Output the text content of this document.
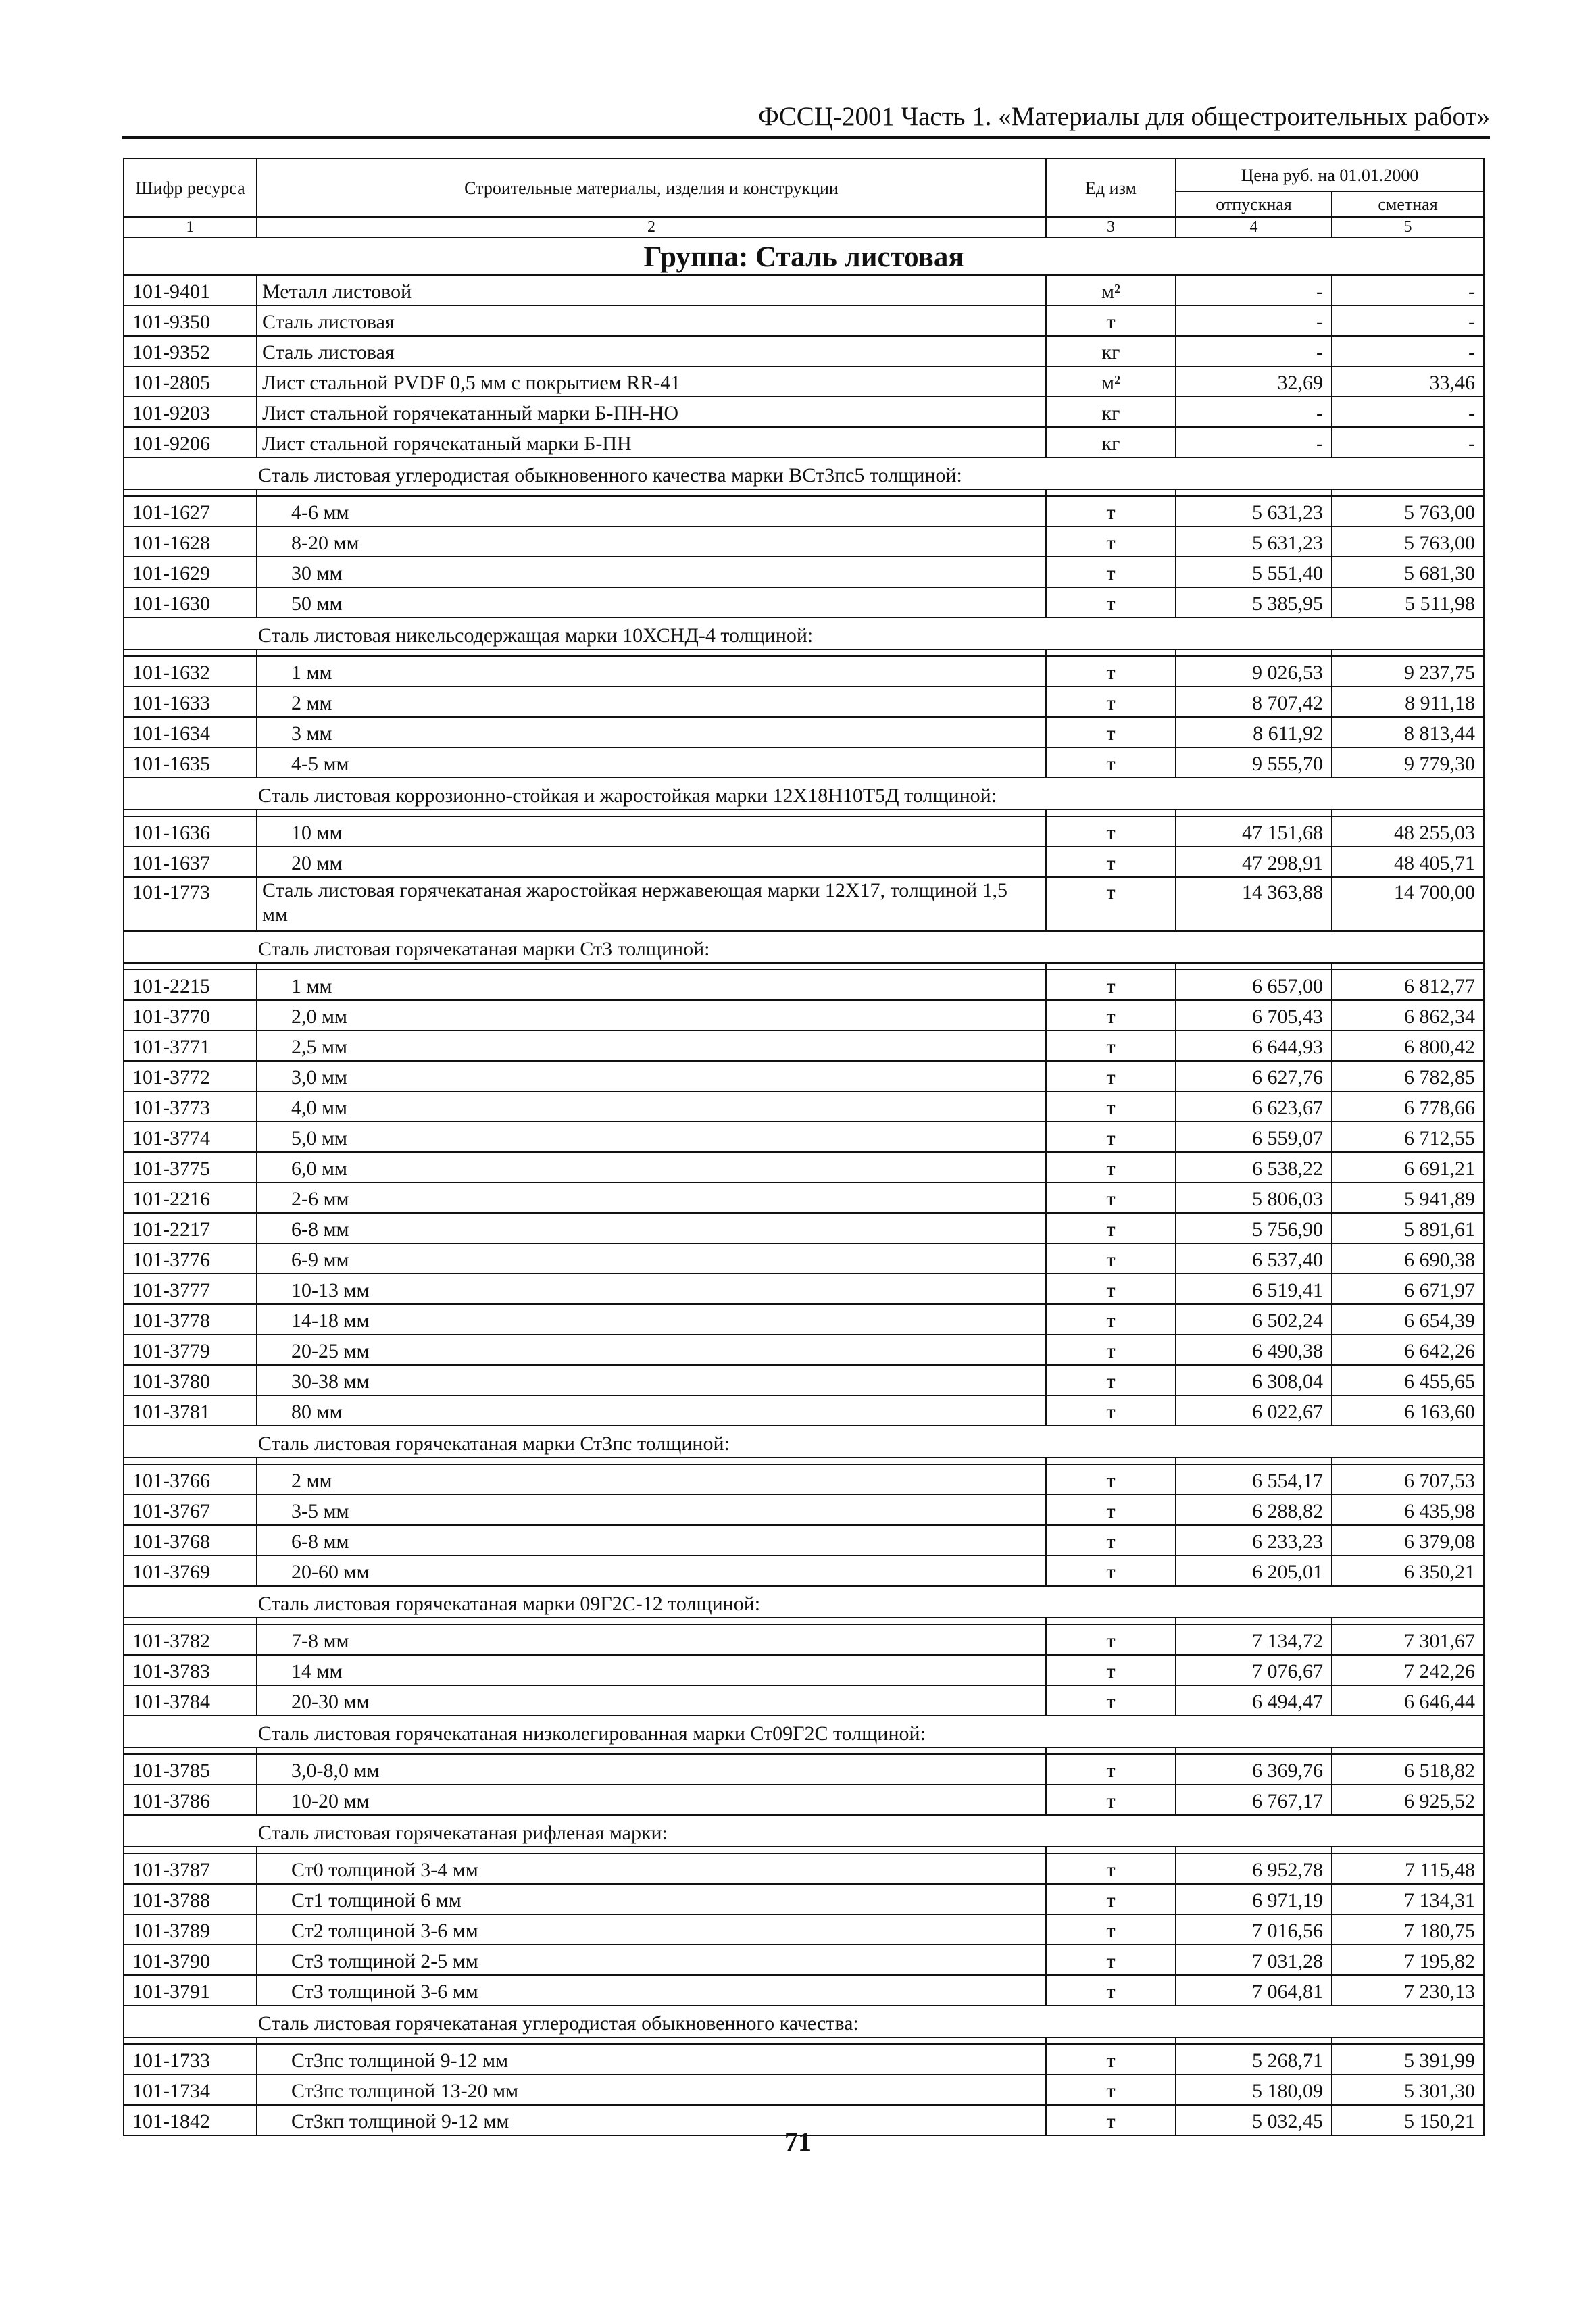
ФССЦ-2001 Часть 1. «Материалы для общестроительных работ»
Шифр ресурса	Строительные материалы, изделия и конструкции	Ед изм	Цена руб. на 01.01.2000	
			отпускная	сметная
1	2	3	4	5
Группа: Сталь листовая				
101-9401	Металл листовой	м²	-	-
101-9350	Сталь листовая	т	-	-
101-9352	Сталь листовая	кг	-	-
101-2805	Лист стальной PVDF 0,5 мм с покрытием RR-41	м²	32,69	33,46
101-9203	Лист стальной горячекатанный марки Б-ПН-НО	кг	-	-
101-9206	Лист стальной горячекатаный марки Б-ПН	кг	-	-
Сталь листовая углеродистая обыкновенного качества марки ВСт3пс5 толщиной:				

101-1627	4-6 мм	т	5 631,23	5 763,00
101-1628	8-20 мм	т	5 631,23	5 763,00
101-1629	30 мм	т	5 551,40	5 681,30
101-1630	50 мм	т	5 385,95	5 511,98
Сталь листовая никельсодержащая марки 10ХСНД-4 толщиной:				

101-1632	1 мм	т	9 026,53	9 237,75
101-1633	2 мм	т	8 707,42	8 911,18
101-1634	3 мм	т	8 611,92	8 813,44
101-1635	4-5 мм	т	9 555,70	9 779,30
Сталь листовая коррозионно-стойкая и жаростойкая марки 12Х18Н10Т5Д толщиной:				

101-1636	10 мм	т	47 151,68	48 255,03
101-1637	20 мм	т	47 298,91	48 405,71
101-1773	Сталь листовая горячекатаная жаростойкая нержавеющая марки 12Х17, толщиной 1,5 мм	т	14 363,88	14 700,00
Сталь листовая горячекатаная марки Ст3 толщиной:				

101-2215	1 мм	т	6 657,00	6 812,77
101-3770	2,0 мм	т	6 705,43	6 862,34
101-3771	2,5 мм	т	6 644,93	6 800,42
101-3772	3,0 мм	т	6 627,76	6 782,85
101-3773	4,0 мм	т	6 623,67	6 778,66
101-3774	5,0 мм	т	6 559,07	6 712,55
101-3775	6,0 мм	т	6 538,22	6 691,21
101-2216	2-6 мм	т	5 806,03	5 941,89
101-2217	6-8 мм	т	5 756,90	5 891,61
101-3776	6-9 мм	т	6 537,40	6 690,38
101-3777	10-13 мм	т	6 519,41	6 671,97
101-3778	14-18 мм	т	6 502,24	6 654,39
101-3779	20-25 мм	т	6 490,38	6 642,26
101-3780	30-38 мм	т	6 308,04	6 455,65
101-3781	80 мм	т	6 022,67	6 163,60
Сталь листовая горячекатаная марки Ст3пс толщиной:				

101-3766	2 мм	т	6 554,17	6 707,53
101-3767	3-5 мм	т	6 288,82	6 435,98
101-3768	6-8 мм	т	6 233,23	6 379,08
101-3769	20-60 мм	т	6 205,01	6 350,21
Сталь листовая горячекатаная марки 09Г2С-12 толщиной:				

101-3782	7-8 мм	т	7 134,72	7 301,67
101-3783	14 мм	т	7 076,67	7 242,26
101-3784	20-30 мм	т	6 494,47	6 646,44
Сталь листовая горячекатаная низколегированная марки Ст09Г2С толщиной:				

101-3785	3,0-8,0 мм	т	6 369,76	6 518,82
101-3786	10-20 мм	т	6 767,17	6 925,52
Сталь листовая горячекатаная рифленая марки:				

101-3787	Ст0 толщиной 3-4 мм	т	6 952,78	7 115,48
101-3788	Ст1 толщиной 6 мм	т	6 971,19	7 134,31
101-3789	Ст2 толщиной 3-6 мм	т	7 016,56	7 180,75
101-3790	Ст3 толщиной 2-5 мм	т	7 031,28	7 195,82
101-3791	Ст3 толщиной 3-6 мм	т	7 064,81	7 230,13
Сталь листовая горячекатаная углеродистая обыкновенного качества:				

101-1733	Ст3пс толщиной 9-12 мм	т	5 268,71	5 391,99
101-1734	Ст3пс толщиной 13-20 мм	т	5 180,09	5 301,30
101-1842	Ст3кп толщиной 9-12 мм	т	5 032,45	5 150,21
71
